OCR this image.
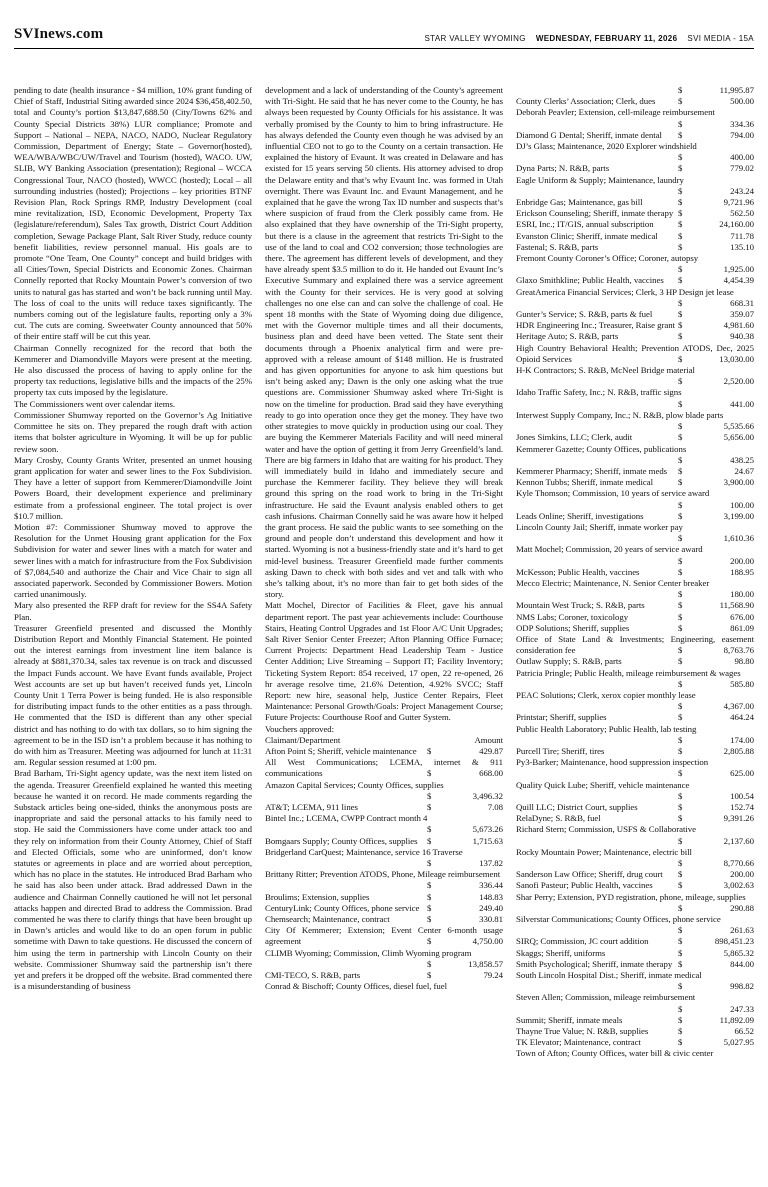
SVInews.com	STAR VALLEY WYOMING WEDNESDAY, FEBRUARY 11, 2026 SVI MEDIA - 15A

pending to date (health insurance - $4 million, 10% grant funding of Chief of Staff, Industrial Siting awarded since 2024 $36,458,402.50, total and County’s portion $13,847,688.50 (City/Towns 62% and County Special Districts 38%) LUR compliance; Promote and Support – National – NEPA, NACO, NADO, Nuclear Regulatory Commission, Department of Energy; State – Governor(hosted), WEA/WBA/WBC/UW/Travel and Tourism (hosted), WACO. UW, SLIB, WY Banking Association (presentation); Regional – WCCA Congressional Tour, NACO (hosted), WWCC (hosted); Local – all surrounding industries (hosted); Projections – key priorities BTNF Revision Plan, Rock Springs RMP, Industry Development (coal mine revitalization, ISD, Economic Development, Property Tax (legislature/referendum), Sales Tax growth, District Court Addition completion, Sewage Package Plant, Salt River Study, reduce county benefit liabilities, review personnel manual. His goals are to promote “One Team, One County” concept and build bridges with all Cities/Town, Special Districts and Economic Zones. Chairman Connelly reported that Rocky Mountain Power’s conversion of two units to natural gas has started and won’t be back running until May. The loss of coal to the units will reduce taxes significantly. The numbers coming out of the legislature faults, reporting only a 3% cut. The cuts are coming. Sweetwater County announced that 50% of their entire staff will be cut this year.

Chairman Connelly recognized for the record that both the Kemmerer and Diamondville Mayors were present at the meeting. He also discussed the process of having to apply online for the property tax reductions, legislative bills and the impacts of the 25% property tax cuts imposed by the legislature.

The Commissioners went over calendar items.

Commissioner Shumway reported on the Governor’s Ag Initiative Committee he sits on. They prepared the rough draft with action items that bolster agriculture in Wyoming. It will be up for public review soon.

Mary Crosby, County Grants Writer, presented an unmet housing grant application for water and sewer lines to the Fox Subdivision. They have a letter of support from Kemmerer/Diamondville Joint Powers Board, their development experience and preliminary estimate from a professional engineer. The total project is over $10.7 million.

Motion #7: Commissioner Shumway moved to approve the Resolution for the Unmet Housing grant application for the Fox Subdivision for water and sewer lines with a match for water and sewer lines with a match for infrastructure from the Fox Subdivision of $7,084,540 and authorize the Chair and Vice Chair to sign all associated paperwork. Seconded by Commissioner Bowers. Motion carried unanimously.

Mary also presented the RFP draft for review for the SS4A Safety Plan.

Treasurer Greenfield presented and discussed the Monthly Distribution Report and Monthly Financial Statement. He pointed out the interest earnings from investment line item balance is already at $881,370.34, sales tax revenue is on track and discussed the Impact Funds account. We have Evant funds available, Project West accounts are set up but haven’t received funds yet, Lincoln County Unit 1 Terra Power is being funded. He is also responsible for distributing impact funds to the other entities as a pass through. He commented that the ISD is different than any other special district and has nothing to do with tax dollars, so to him signing the agreement to be in the ISD isn’t a problem because it has nothing to do with him as Treasurer. Meeting was adjourned for lunch at 11:31 am. Regular session resumed at 1:00 pm.

Brad Barham, Tri-Sight agency update, was the next item listed on the agenda. Treasurer Greenfield explained he wanted this meeting because he wanted it on record. He made comments regarding the Substack articles being one-sided, thinks the anonymous posts are inappropriate and said the personal attacks to his family need to stop. He said the Commissioners have come under attack too and they rely on information from their County Attorney, Chief of Staff and Elected Officials, some who are uninformed, don’t know statutes or agreements in place and are worried about perception, which has no place in the statutes. He introduced Brad Barham who he said has also been under attack. Brad addressed Dawn in the audience and Chairman Connelly cautioned he will not let personal attacks happen and directed Brad to address the Commission. Brad commented he was there to clarify things that have been brought up in Dawn’s articles and would like to do an open forum in public sometime with Dawn to take questions. He discussed the concern of him using the term in partnership with Lincoln County on their website. Commissioner Shumway said the partnership isn’t there yet and prefers it be dropped off the website. Brad commented there is a misunderstanding of business

development and a lack of understanding of the County’s agreement with Tri-Sight. He said that he has never come to the County, he has always been requested by County Officials for his assistance. It was verbally promised by the County to him to bring infrastructure. He has always defended the County even though he was advised by an influential CEO not to go to the County on a certain transaction. He explained the history of Evaunt. It was created in Delaware and has existed for 15 years serving 50 clients. His attorney advised to drop the Delaware entity and that’s why Evaunt Inc. was formed in Utah overnight. There was Evaunt Inc. and Evaunt Management, and he explained that he gave the wrong Tax ID number and suspects that’s where suspicion of fraud from the Clerk possibly came from. He also explained that they have ownership of the Tri-Sight property, but there is a clause in the agreement that restricts Tri-Sight to the use of the land to coal and CO2 conversion; those technologies are there. The agreement has different levels of development, and they have already spent $3.5 million to do it. He handed out Evaunt Inc’s Executive Summary and explained there was a service agreement with the County for their services. He is very good at solving challenges no one else can and can solve the challenge of coal. He spent 18 months with the State of Wyoming doing due diligence, met with the Governor multiple times and all their documents, business plan and deed have been vetted. The State sent their documents through a Phoenix analytical firm and were pre-approved with a release amount of $148 million. He is frustrated and has given opportunities for anyone to ask him questions but isn’t being asked any; Dawn is the only one asking what the true questions are. Commissioner Shumway asked where Tri-Sight is now on the timeline for production. Brad said they have everything ready to go into operation once they get the money. They have two other strategies to move quickly in production using our coal. They are buying the Kemmerer Materials Facility and will need mineral water and have the option of getting it from Jerry Greenfield’s land. There are big farmers in Idaho that are waiting for his product. They will immediately build in Idaho and immediately secure and purchase the Kemmerer facility. They believe they will break ground this spring on the road work to bring in the Tri-Sight infrastructure. He said the Evaunt analysis enabled others to get cash infusions. Chairman Connelly said he was aware how it helped the grant process. He said the public wants to see something on the ground and people don’t understand this development and how it started. Wyoming is not a business-friendly state and it’s hard to get mid-level business. Treasurer Greenfield made further comments asking Dawn to check with both sides and vet and talk with who she’s talking about, it’s no more than fair to get both sides of the story.

Matt Mochel, Director of Facilities & Fleet, gave his annual department report. The past year achievements include: Courthouse Stairs, Heating Control Upgrades and 1st Floor A/C Unit Upgrades; Salt River Senior Center Freezer; Afton Planning Office Furnace; Current Projects: Department Head Leadership Team - Justice Center Addition; Live Streaming – Support IT; Facility Inventory; Ticketing System Report: 854 received, 17 open, 22 re-opened, 26 hr average resolve time, 21.6% Detention, 4.92% SVCC; Staff Report: new hire, seasonal help, Justice Center Repairs, Fleet Maintenance: Personal Growth/Goals: Project Management Course; Future Projects: Courthouse Roof and Gutter System.

Vouchers approved:

Claimant/Department	Amount
Afton Point S; Sheriff, vehicle maintenance $	429.87
All West Communications; LCEMA, internet & 911 communications	$	668.00
Amazon Capital Services; County Offices, supplies
$	3,496.32
AT&T; LCEMA, 911 lines	$	7.08
Bintel Inc.; LCEMA, CWPP Contract month 4
$	5,673.26
Bomgaars Supply; County Offices, supplies $	1,715.63
Bridgerland CarQuest; Maintenance, service 16 Traverse
$	137.82
Brittany Ritter; Prevention ATODS, Phone, Mileage reimbursement
$	336.44
Broulims; Extension, supplies	$	148.83
CenturyLink; County Offices, phone service $	249.40
Chemsearch; Maintenance, contract	$	330.81
City Of Kemmerer; Extension; Event Center 6-month usage agreement	$	4,750.00
CLIMB Wyoming; Commission, Climb Wyoming program
$	13,858.57
CMI-TECO, S. R&B, parts	$	79.24
Conrad & Bischoff; County Offices, diesel fuel, fuel
$	11,995.87
County Clerks’ Association; Clerk, dues	$	500.00
Deborah Peavler; Extension, cell-mileage reimbursement
$	334.36
Diamond G Dental; Sheriff, inmate dental $	794.00
DJ’s Glass; Maintenance, 2020 Explorer windshield
$	400.00
Dyna Parts; N. R&B, parts	$	779.02
Eagle Uniform & Supply; Maintenance, laundry
$	243.24
Enbridge Gas; Maintenance, gas bill	$	9,721.96
Erickson Counseling; Sheriff, inmate therapy $	562.50
ESRI, Inc.; IT/GIS, annual subscription	$	24,160.00
Evanston Clinic; Sheriff, inmate medical $	711.78
Fastenal; S. R&B, parts	$	135.10
Fremont County Coroner’s Office; Coroner, autopsy
$	1,925.00
Glaxo Smithkline; Public Health, vaccines $	4,454.39
GreatAmerica Financial Services; Clerk, 3 HP Design jet lease
$	668.31
Gunter’s Service; S. R&B, parts & fuel	$	359.07
HDR Engineering Inc.; Treasurer, Raise grant $	4,981.60
Heritage Auto; S. R&B, parts	$	940.38
High Country Behavioral Health; Prevention ATODS, Dec, 2025 Opioid Services	$	13,030.00
H-K Contractors; S. R&B, McNeel Bridge material
$	2,520.00
Idaho Traffic Safety, Inc.; N. R&B, traffic signs
$	441.00
Interwest Supply Company, Inc.; N. R&B, plow blade parts
$	5,535.66
Jones Simkins, LLC; Clerk, audit	$	5,656.00
Kemmerer Gazette; County Offices, publications
$	438.25
Kemmerer Pharmacy; Sheriff, inmate meds $	24.67
Kennon Tubbs; Sheriff, inmate medical	$	3,900.00
Kyle Thomson; Commission, 10 years of service award
$	100.00
Leads Online; Sheriff, investigations	$	3,199.00
Lincoln County Jail; Sheriff, inmate worker pay
$	1,610.36
Matt Mochel; Commission, 20 years of service award
$	200.00
McKesson; Public Health, vaccines	$	188.95
Mecco Electric; Maintenance, N. Senior Center breaker
$	180.00
Mountain West Truck; S. R&B, parts	$	11,568.90
NMS Labs; Coroner, toxicology	$	676.00
ODP Solutions; Sheriff, supplies	$	861.09
Office of State Land & Investments; Engineering, easement consideration fee	$	8,763.76
Outlaw Supply; S. R&B, parts	$	98.80
Patricia Pringle; Public Health, mileage reimbursement & wages
$	585.80
PEAC Solutions; Clerk, xerox copier monthly lease
$	4,367.00
Printstar; Sheriff, supplies	$	464.24
Public Health Laboratory; Public Health, lab testing
$	174.00
Purcell Tire; Sheriff, tires	$	2,805.88
Py3-Barker; Maintenance, hood suppression inspection
$	625.00
Quality Quick Lube; Sheriff, vehicle maintenance
$	100.54
Quill LLC; District Court, supplies	$	152.74
RelaDyne; S. R&B, fuel	$	9,391.26
Richard Stern; Commission, USFS & Collaborative
$	2,137.60
Rocky Mountain Power; Maintenance, electric bill
$	8,770.66
Sanderson Law Office; Sheriff, drug court $	200.00
Sanofi Pasteur; Public Health, vaccines	$	3,002.63
Shar Perry; Extension, PYD registration, phone, mileage, supplies
$	290.88
Silverstar Communications; County Offices, phone service
$	261.63
SIRQ; Commission, JC court addition	$	898,451.23
Skaggs; Sheriff, uniforms	$	5,865.32
Smith Psychological; Sheriff, inmate therapy $	844.00
South Lincoln Hospital Dist.; Sheriff, inmate medical
$	998.82
Steven Allen; Commission, mileage reimbursement
$	247.33
Summit; Sheriff, inmate meals	$	11,892.09
Thayne True Value; N. R&B, supplies	$	66.52
TK Elevator; Maintenance, contract	$	5,027.95
Town of Afton; County Offices, water bill & civic center
